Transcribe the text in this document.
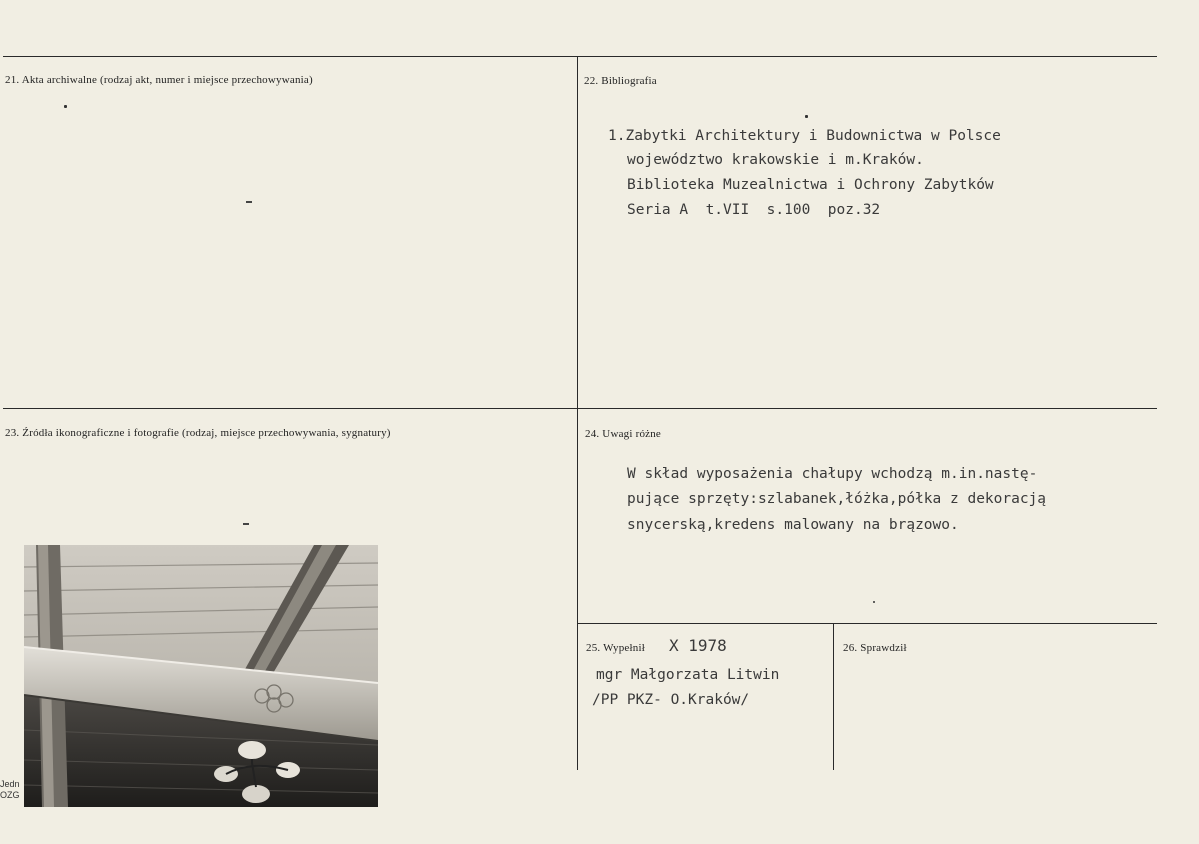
21. Akta archiwalne (rodzaj akt, numer i miejsce przechowywania)	22. Bibliografia
1.Zabytki Architektury i Budownictwa w Polsce
województwo krakowskie i m.Kraków.
Biblioteka Muzealnictwa i Ochrony Zabytków
Seria A  t.VII  s.100  poz.32
23. Źródła ikonograficzne i fotografie (rodzaj, miejsce przechowywania, sygnatury)	24. Uwagi różne
W skład wyposażenia chałupy wchodzą m.in.nastę-
pujące sprzęty:szlabanek,łóżka,półka z dekoracją
snycerską,kredens malowany na brązowo.
25. Wypełnił X 1978
mgr Małgorzata Litwin
/PP PKZ- O.Kraków/
26. Sprawdził
Jedn
OZG
